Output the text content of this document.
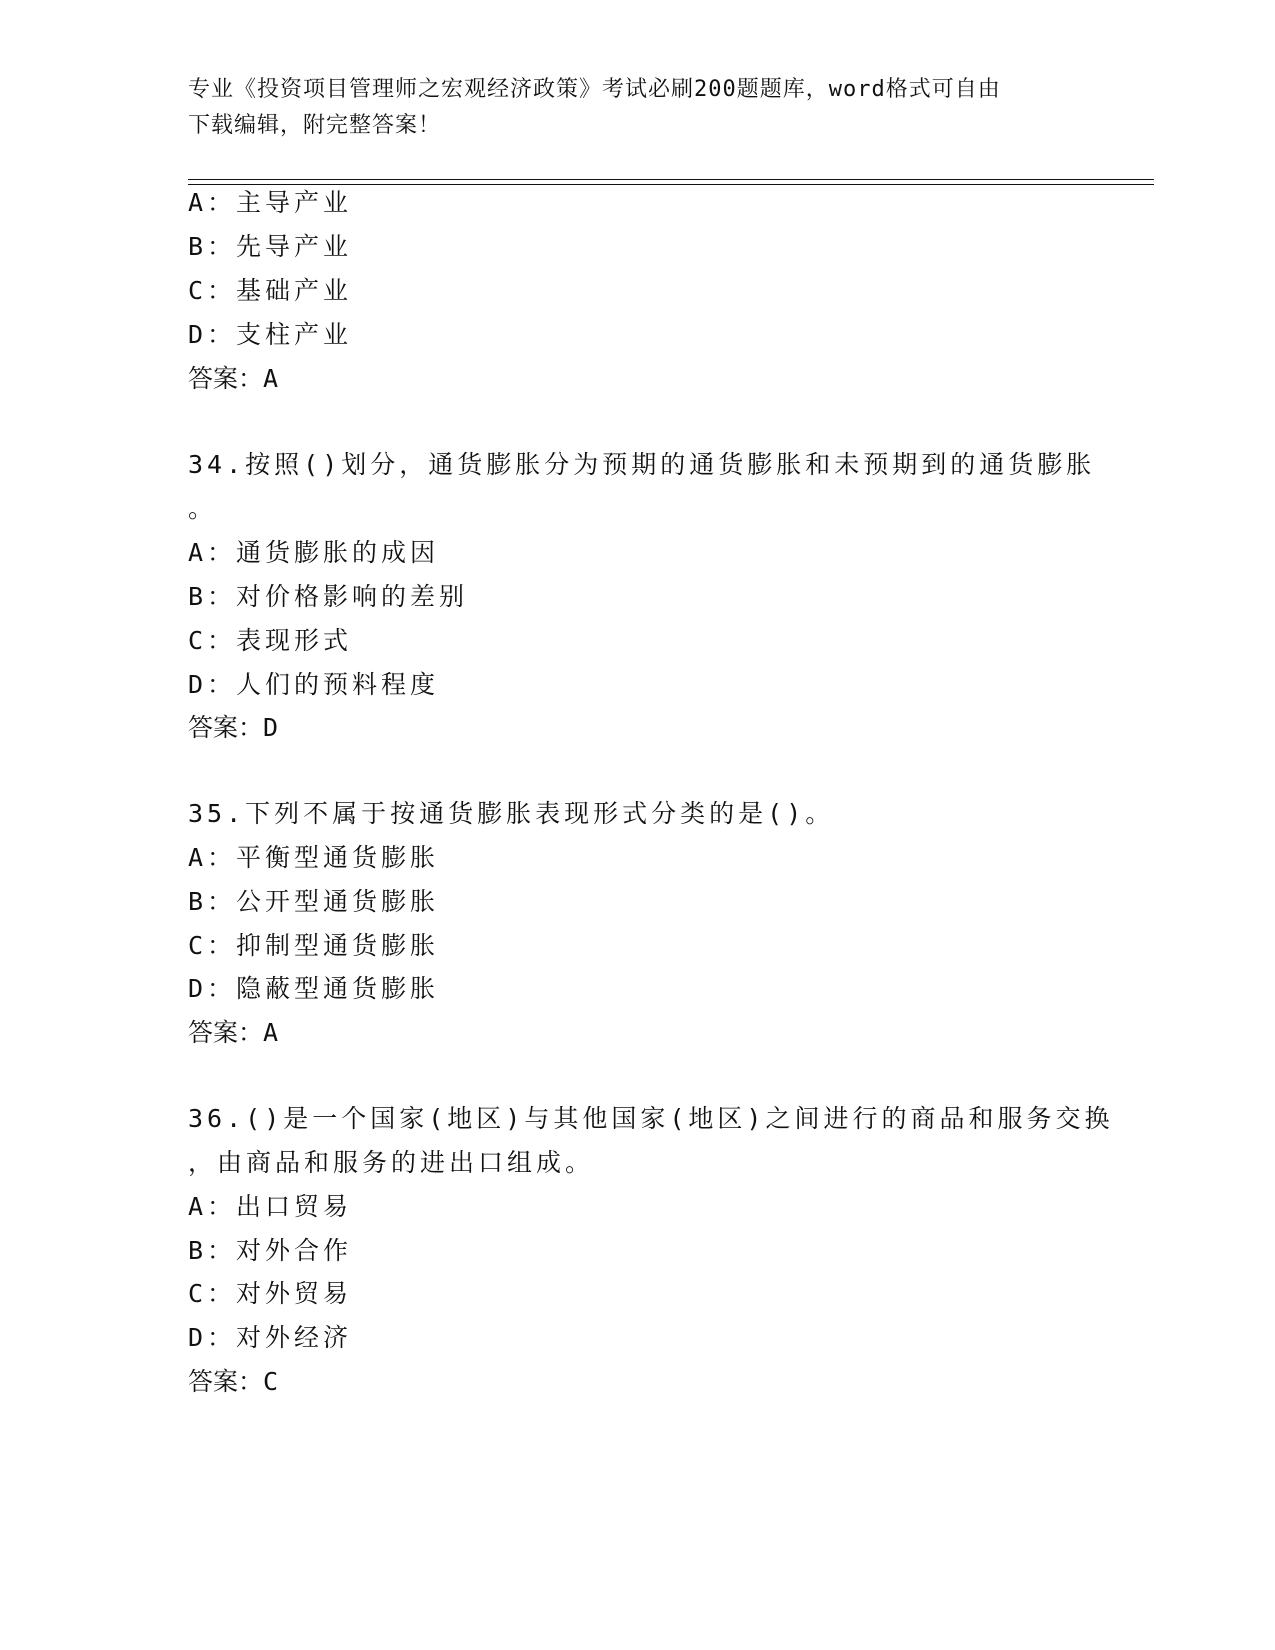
专业《投资项目管理师之宏观经济政策》考试必刷200题题库，word格式可自由
下载编辑，附完整答案！
A：主导产业
B：先导产业
C：基础产业
D：支柱产业
答案：A
34.按照()划分，通货膨胀分为预期的通货膨胀和未预期到的通货膨胀
。
A：通货膨胀的成因
B：对价格影响的差别
C：表现形式
D：人们的预料程度
答案：D
35.下列不属于按通货膨胀表现形式分类的是()。
A：平衡型通货膨胀
B：公开型通货膨胀
C：抑制型通货膨胀
D：隐蔽型通货膨胀
答案：A
36.()是一个国家(地区)与其他国家(地区)之间进行的商品和服务交换
，由商品和服务的进出口组成。
A：出口贸易
B：对外合作
C：对外贸易
D：对外经济
答案：C
